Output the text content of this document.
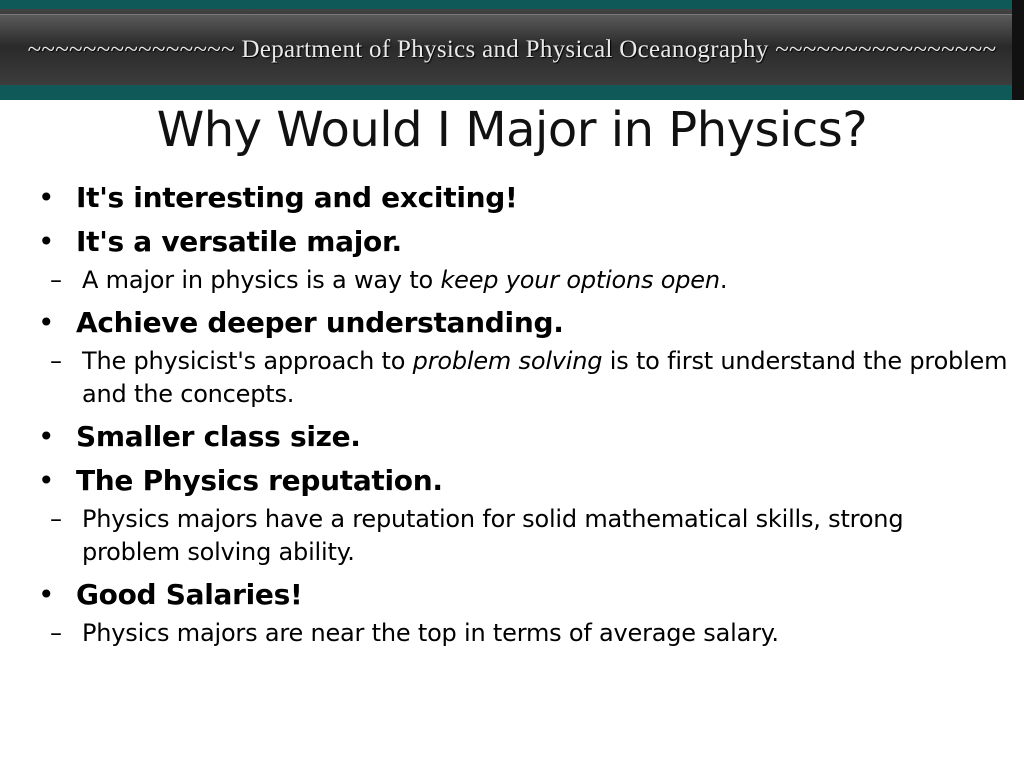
~~~~~~~~~~~~~~~ Department of Physics and Physical Oceanography ~~~~~~~~~~~~~~~~
Why Would I Major in Physics?
• It's interesting and exciting!
• It's a versatile major.
– A major in physics is a way to keep your options open.
• Achieve deeper understanding.
– The physicist's approach to problem solving is to first understand the problem and the concepts.
• Smaller class size.
• The Physics reputation.
– Physics majors have a reputation for solid mathematical skills, strong problem solving ability.
• Good Salaries!
– Physics majors are near the top in terms of average salary.
